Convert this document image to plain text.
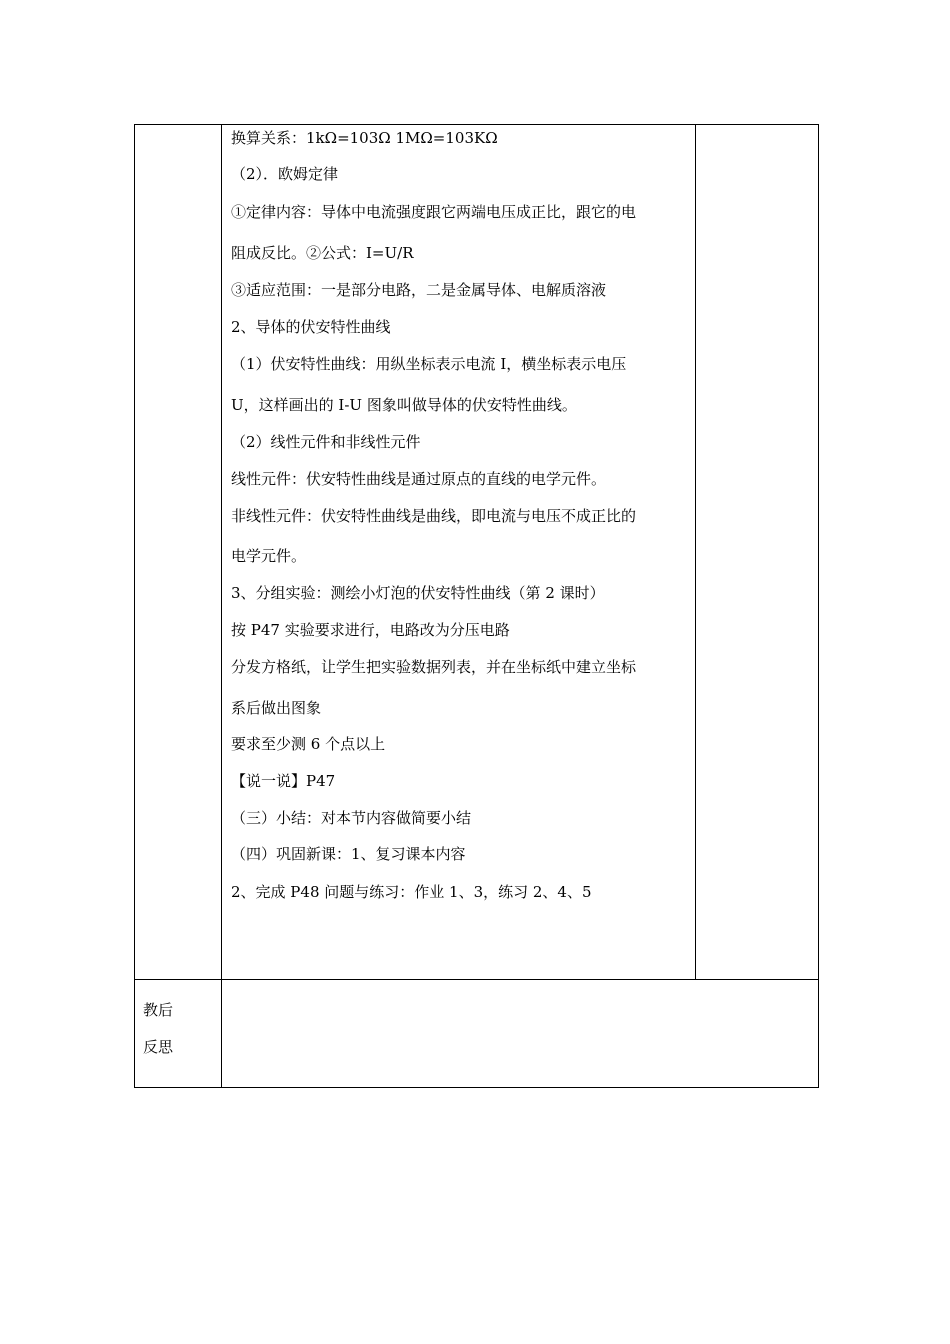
换算关系：1kΩ=103Ω 1MΩ=103KΩ
（2）．欧姆定律
①定律内容：导体中电流强度跟它两端电压成正比，跟它的电
阻成反比。②公式：I=U/R
③适应范围：一是部分电路，二是金属导体、电解质溶液
2、导体的伏安特性曲线
（1）伏安特性曲线：用纵坐标表示电流 I，横坐标表示电压
U，这样画出的 I-U 图象叫做导体的伏安特性曲线。
（2）线性元件和非线性元件
线性元件：伏安特性曲线是通过原点的直线的电学元件。
非线性元件：伏安特性曲线是曲线，即电流与电压不成正比的
电学元件。
3、分组实验：测绘小灯泡的伏安特性曲线（第 2 课时）
按 P47 实验要求进行，电路改为分压电路
分发方格纸，让学生把实验数据列表，并在坐标纸中建立坐标
系后做出图象
要求至少测 6 个点以上
【说一说】P47
（三）小结：对本节内容做简要小结
（四）巩固新课：1、复习课本内容
2、完成 P48 问题与练习：作业 1、3，练习 2、4、5
教后
反思
